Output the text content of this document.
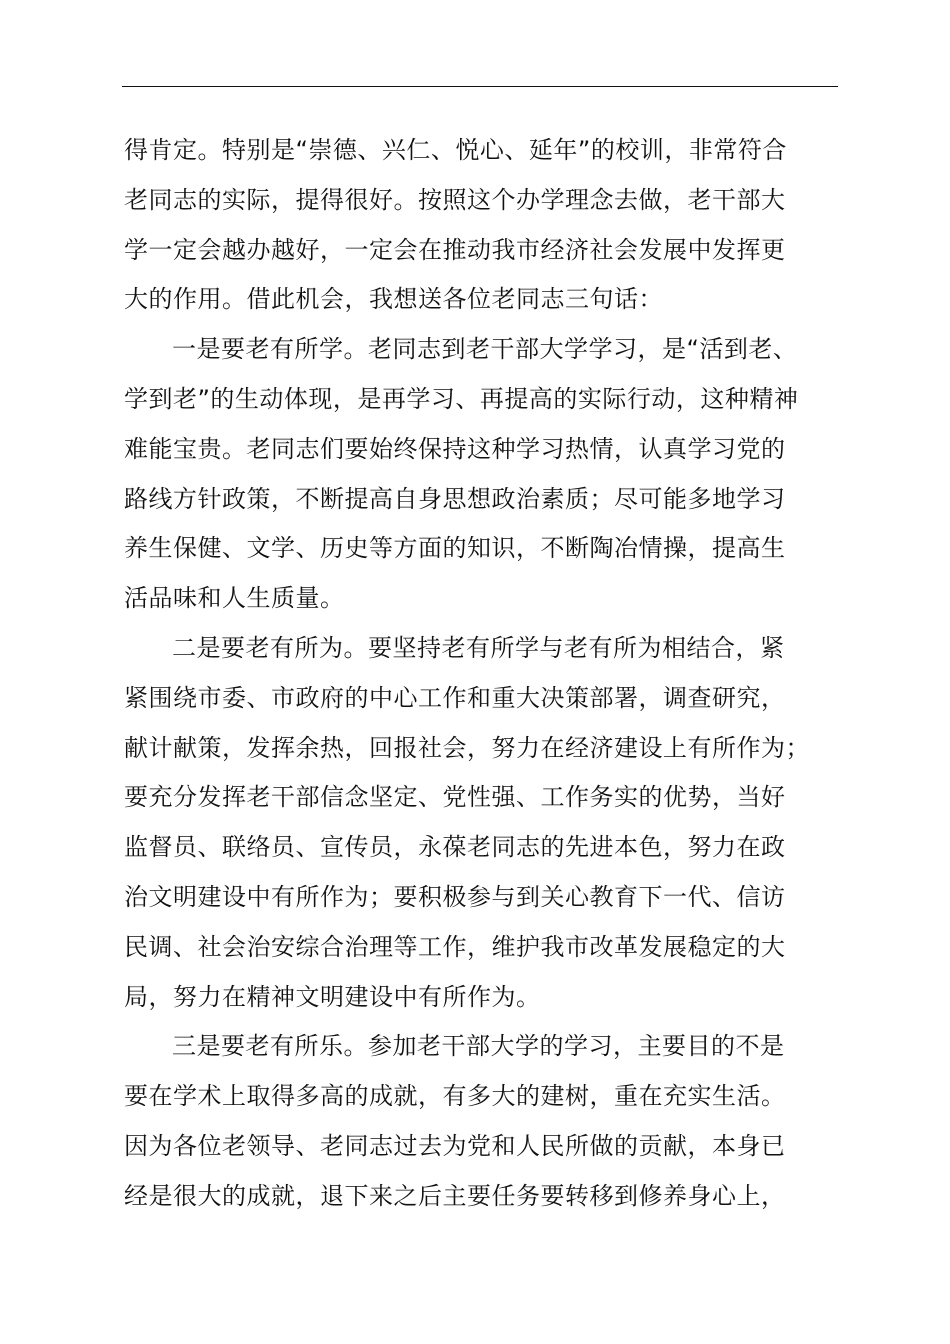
得肯定。特别是“崇德、兴仁、悦心、延年”的校训，非常符合
老同志的实际，提得很好。按照这个办学理念去做，老干部大
学一定会越办越好，一定会在推动我市经济社会发展中发挥更
大的作用。借此机会，我想送各位老同志三句话：
一是要老有所学。老同志到老干部大学学习，是“活到老、
学到老”的生动体现，是再学习、再提高的实际行动，这种精神
难能宝贵。老同志们要始终保持这种学习热情，认真学习党的
路线方针政策，不断提高自身思想政治素质；尽可能多地学习
养生保健、文学、历史等方面的知识，不断陶冶情操，提高生
活品味和人生质量。
二是要老有所为。要坚持老有所学与老有所为相结合，紧
紧围绕市委、市政府的中心工作和重大决策部署，调查研究，
献计献策，发挥余热，回报社会，努力在经济建设上有所作为；
要充分发挥老干部信念坚定、党性强、工作务实的优势，当好
监督员、联络员、宣传员，永葆老同志的先进本色，努力在政
治文明建设中有所作为；要积极参与到关心教育下一代、信访
民调、社会治安综合治理等工作，维护我市改革发展稳定的大
局，努力在精神文明建设中有所作为。
三是要老有所乐。参加老干部大学的学习，主要目的不是
要在学术上取得多高的成就，有多大的建树，重在充实生活。
因为各位老领导、老同志过去为党和人民所做的贡献，本身已
经是很大的成就，退下来之后主要任务要转移到修养身心上，
